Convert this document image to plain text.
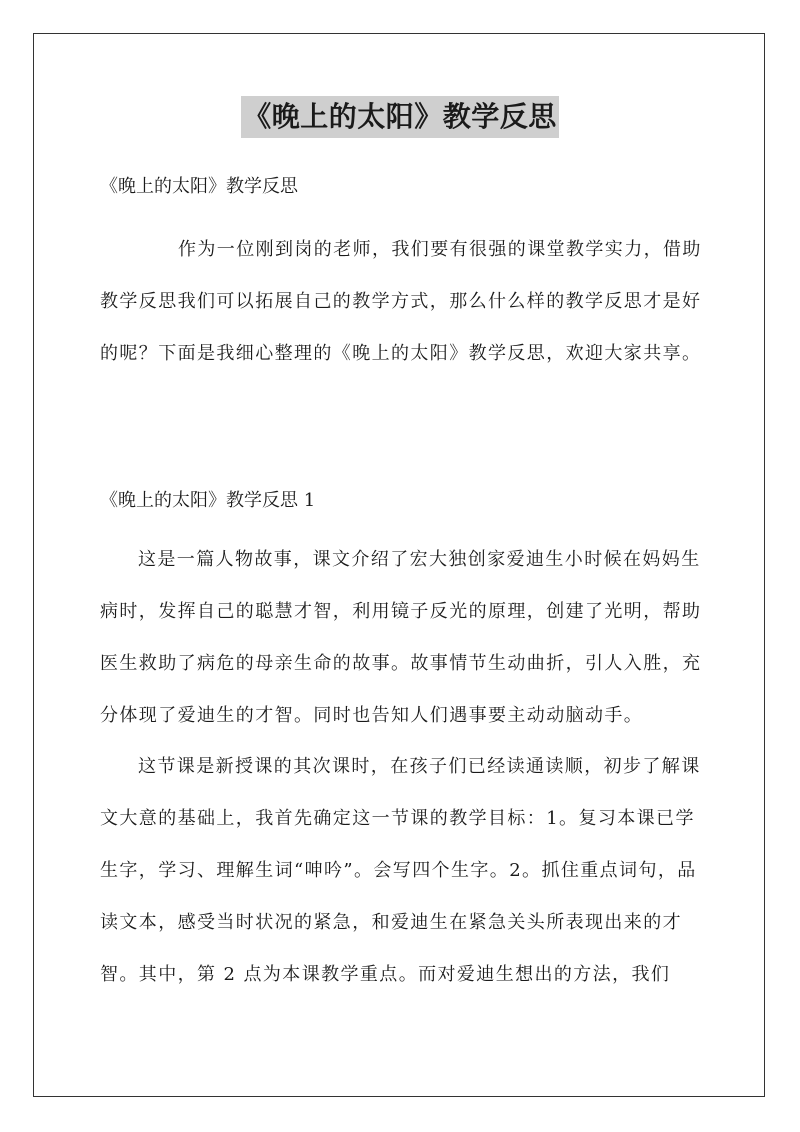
《晚上的太阳》教学反思
《晚上的太阳》教学反思
作为一位刚到岗的老师，我们要有很强的课堂教学实力，借助教学反思我们可以拓展自己的教学方式，那么什么样的教学反思才是好的呢？下面是我细心整理的《晚上的太阳》教学反思，欢迎大家共享。
《晚上的太阳》教学反思 1
这是一篇人物故事，课文介绍了宏大独创家爱迪生小时候在妈妈生病时，发挥自己的聪慧才智，利用镜子反光的原理，创建了光明，帮助医生救助了病危的母亲生命的故事。故事情节生动曲折，引人入胜，充分体现了爱迪生的才智。同时也告知人们遇事要主动动脑动手。
这节课是新授课的其次课时，在孩子们已经读通读顺，初步了解课文大意的基础上，我首先确定这一节课的教学目标：1。复习本课已学生字，学习、理解生词“呻吟”。会写四个生字。2。抓住重点词句，品读文本，感受当时状况的紧急，和爱迪生在紧急关头所表现出来的才智。其中，第 2 点为本课教学重点。而对爱迪生想出的方法，我们
